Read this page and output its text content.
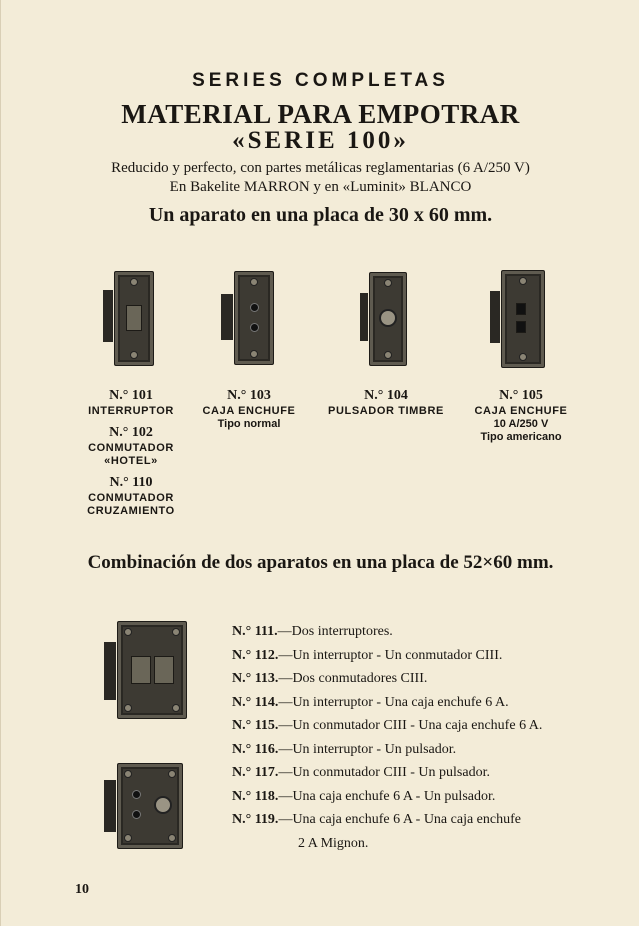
SERIES COMPLETAS
MATERIAL PARA EMPOTRAR
«SERIE 100»
Reducido y perfecto, con partes metálicas reglamentarias (6 A/250 V)
En Bakelite MARRON y en «Luminit» BLANCO
Un aparato en una placa de 30 x 60 mm.
N.° 101
INTERRUPTOR
N.° 102
CONMUTADOR
«HOTEL»
N.° 110
CONMUTADOR
CRUZAMIENTO
N.° 103
CAJA ENCHUFE
Tipo normal
N.° 104
PULSADOR TIMBRE
N.° 105
CAJA ENCHUFE
10 A/250 V
Tipo americano
Combinación de dos aparatos en una placa de 52×60 mm.
N.° 111.—Dos interruptores.
N.° 112.—Un interruptor - Un conmutador CIII.
N.° 113.—Dos conmutadores CIII.
N.° 114.—Un interruptor - Una caja enchufe 6 A.
N.° 115.—Un conmutador CIII - Una caja enchufe 6 A.
N.° 116.—Un interruptor - Un pulsador.
N.° 117.—Un conmutador CIII - Un pulsador.
N.° 118.—Una caja enchufe 6 A - Un pulsador.
N.° 119.—Una caja enchufe 6 A - Una caja enchufe
2 A Mignon.
10
